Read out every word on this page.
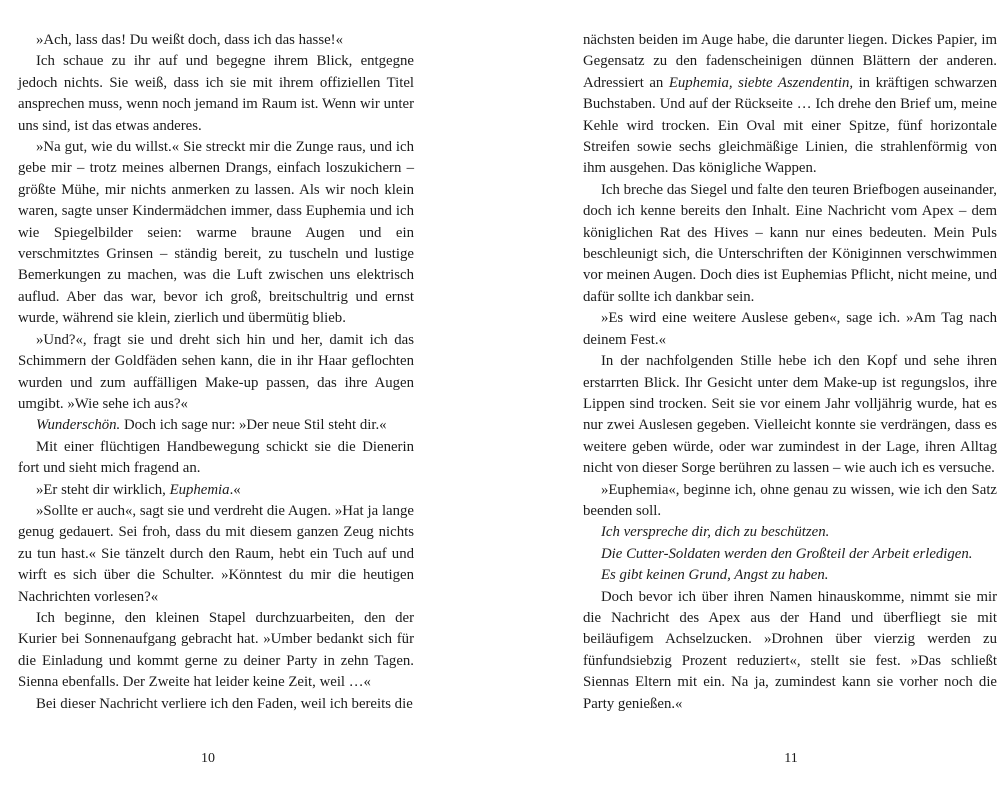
»Ach, lass das! Du weißt doch, dass ich das hasse!«

Ich schaue zu ihr auf und begegne ihrem Blick, entgegne jedoch nichts. Sie weiß, dass ich sie mit ihrem offiziellen Titel ansprechen muss, wenn noch jemand im Raum ist. Wenn wir unter uns sind, ist das etwas anderes.

»Na gut, wie du willst.« Sie streckt mir die Zunge raus, und ich gebe mir – trotz meines albernen Drangs, einfach loszukichern – größte Mühe, mir nichts anmerken zu lassen. Als wir noch klein waren, sagte unser Kindermädchen immer, dass Euphemia und ich wie Spiegelbilder seien: warme braune Augen und ein verschmitztes Grinsen – ständig bereit, zu tuscheln und lustige Bemerkungen zu machen, was die Luft zwischen uns elektrisch auflud. Aber das war, bevor ich groß, breitschultrig und ernst wurde, während sie klein, zierlich und übermütig blieb.

»Und?«, fragt sie und dreht sich hin und her, damit ich das Schimmern der Goldfäden sehen kann, die in ihr Haar geflochten wurden und zum auffälligen Make-up passen, das ihre Augen umgibt. »Wie sehe ich aus?«

Wunderschön. Doch ich sage nur: »Der neue Stil steht dir.«

Mit einer flüchtigen Handbewegung schickt sie die Dienerin fort und sieht mich fragend an.

»Er steht dir wirklich, Euphemia.«

»Sollte er auch«, sagt sie und verdreht die Augen. »Hat ja lange genug gedauert. Sei froh, dass du mit diesem ganzen Zeug nichts zu tun hast.« Sie tänzelt durch den Raum, hebt ein Tuch auf und wirft es sich über die Schulter. »Könntest du mir die heutigen Nachrichten vorlesen?«

Ich beginne, den kleinen Stapel durchzuarbeiten, den der Kurier bei Sonnenaufgang gebracht hat. »Umber bedankt sich für die Einladung und kommt gerne zu deiner Party in zehn Tagen. Sienna ebenfalls. Der Zweite hat leider keine Zeit, weil …«

Bei dieser Nachricht verliere ich den Faden, weil ich bereits die

10

nächsten beiden im Auge habe, die darunter liegen. Dickes Papier, im Gegensatz zu den fadenscheinigen dünnen Blättern der anderen. Adressiert an Euphemia, siebte Aszendentin, in kräftigen schwarzen Buchstaben. Und auf der Rückseite … Ich drehe den Brief um, meine Kehle wird trocken. Ein Oval mit einer Spitze, fünf horizontale Streifen sowie sechs gleichmäßige Linien, die strahlenförmig von ihm ausgehen. Das königliche Wappen.

Ich breche das Siegel und falte den teuren Briefbogen auseinander, doch ich kenne bereits den Inhalt. Eine Nachricht vom Apex – dem königlichen Rat des Hives – kann nur eines bedeuten. Mein Puls beschleunigt sich, die Unterschriften der Königinnen verschwimmen vor meinen Augen. Doch dies ist Euphemias Pflicht, nicht meine, und dafür sollte ich dankbar sein.

»Es wird eine weitere Auslese geben«, sage ich. »Am Tag nach deinem Fest.«

In der nachfolgenden Stille hebe ich den Kopf und sehe ihren erstarrten Blick. Ihr Gesicht unter dem Make-up ist regungslos, ihre Lippen sind trocken. Seit sie vor einem Jahr volljährig wurde, hat es nur zwei Auslesen gegeben. Vielleicht konnte sie verdrängen, dass es weitere geben würde, oder war zumindest in der Lage, ihren Alltag nicht von dieser Sorge berühren zu lassen – wie auch ich es versuche.

»Euphemia«, beginne ich, ohne genau zu wissen, wie ich den Satz beenden soll.

Ich verspreche dir, dich zu beschützen.

Die Cutter-Soldaten werden den Großteil der Arbeit erledigen.

Es gibt keinen Grund, Angst zu haben.

Doch bevor ich über ihren Namen hinauskomme, nimmt sie mir die Nachricht des Apex aus der Hand und überfliegt sie mit beiläufigem Achselzucken. »Drohnen über vierzig werden zu fünfundsiebzig Prozent reduziert«, stellt sie fest. »Das schließt Siennas Eltern mit ein. Na ja, zumindest kann sie vorher noch die Party genießen.«

11
